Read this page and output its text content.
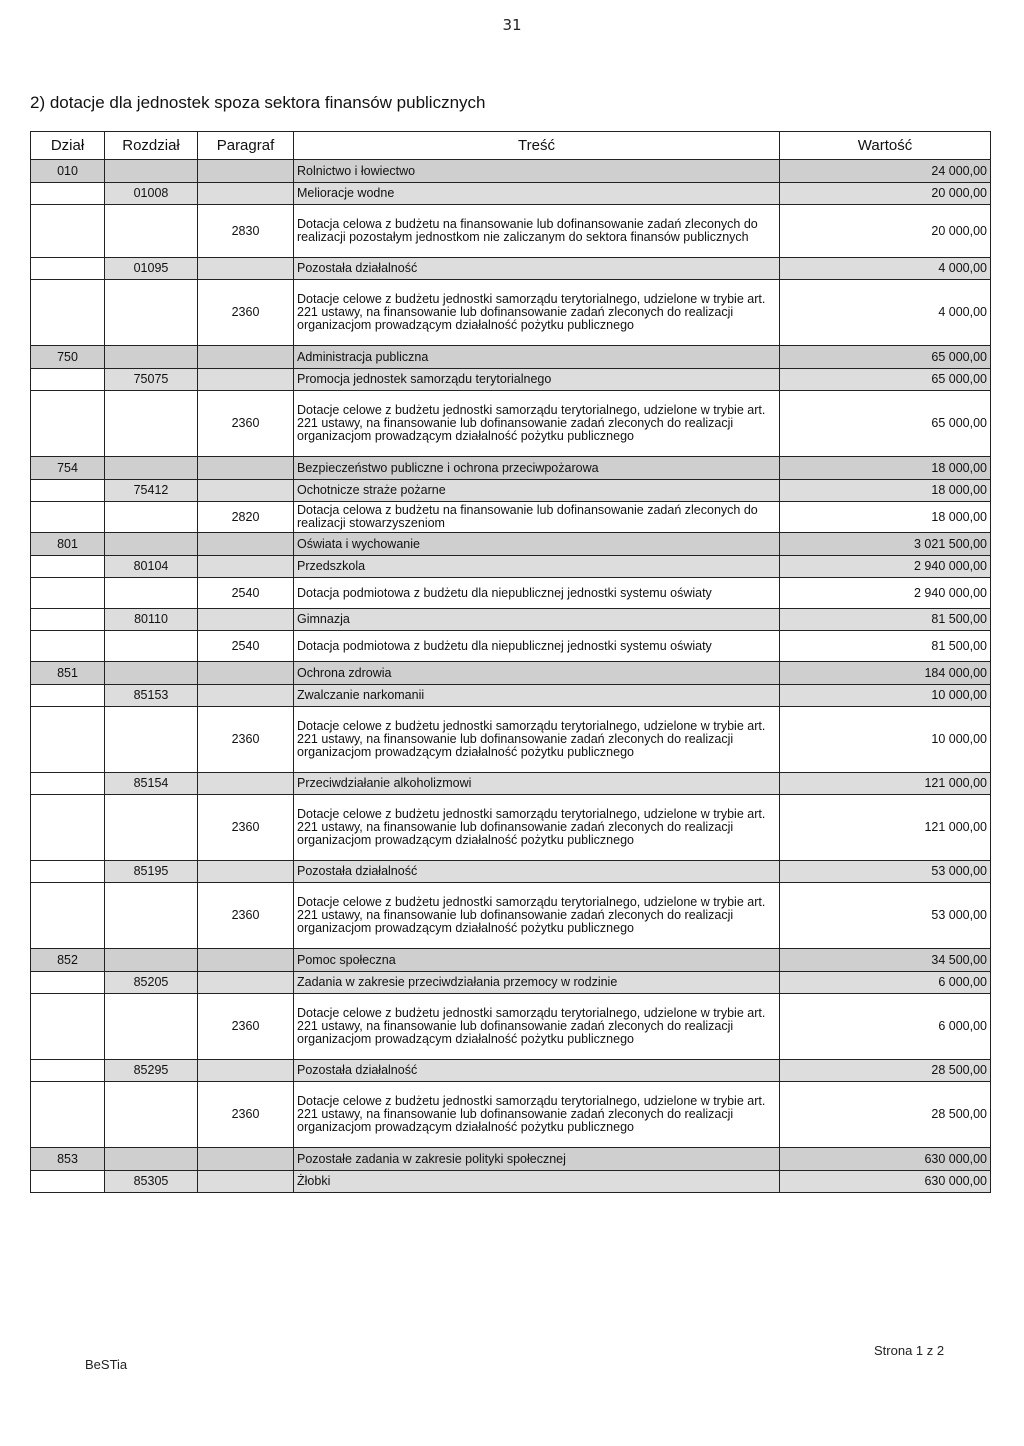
31
2) dotacje dla jednostek spoza sektora finansów publicznych
Dział	Rozdział	Paragraf	Treść	Wartość
010			Rolnictwo i łowiectwo	24 000,00
	01008		Melioracje wodne	20 000,00
		2830	Dotacja celowa z budżetu na finansowanie lub dofinansowanie zadań zleconych do realizacji pozostałym jednostkom nie zaliczanym do sektora finansów publicznych	20 000,00
	01095		Pozostała działalność	4 000,00
		2360	Dotacje celowe z budżetu jednostki samorządu terytorialnego, udzielone w trybie art. 221 ustawy, na finansowanie lub dofinansowanie zadań zleconych do realizacji organizacjom prowadzącym działalność pożytku publicznego	4 000,00
750			Administracja publiczna	65 000,00
	75075		Promocja jednostek samorządu terytorialnego	65 000,00
		2360	Dotacje celowe z budżetu jednostki samorządu terytorialnego, udzielone w trybie art. 221 ustawy, na finansowanie lub dofinansowanie zadań zleconych do realizacji organizacjom prowadzącym działalność pożytku publicznego	65 000,00
754			Bezpieczeństwo publiczne i ochrona przeciwpożarowa	18 000,00
	75412		Ochotnicze straże pożarne	18 000,00
		2820	Dotacja celowa z budżetu na finansowanie lub dofinansowanie zadań zleconych do realizacji stowarzyszeniom	18 000,00
801			Oświata i wychowanie	3 021 500,00
	80104		Przedszkola	2 940 000,00
		2540	Dotacja podmiotowa z budżetu dla niepublicznej jednostki systemu oświaty	2 940 000,00
	80110		Gimnazja	81 500,00
		2540	Dotacja podmiotowa z budżetu dla niepublicznej jednostki systemu oświaty	81 500,00
851			Ochrona zdrowia	184 000,00
	85153		Zwalczanie narkomanii	10 000,00
		2360	Dotacje celowe z budżetu jednostki samorządu terytorialnego, udzielone w trybie art. 221 ustawy, na finansowanie lub dofinansowanie zadań zleconych do realizacji organizacjom prowadzącym działalność pożytku publicznego	10 000,00
	85154		Przeciwdziałanie alkoholizmowi	121 000,00
		2360	Dotacje celowe z budżetu jednostki samorządu terytorialnego, udzielone w trybie art. 221 ustawy, na finansowanie lub dofinansowanie zadań zleconych do realizacji organizacjom prowadzącym działalność pożytku publicznego	121 000,00
	85195		Pozostała działalność	53 000,00
		2360	Dotacje celowe z budżetu jednostki samorządu terytorialnego, udzielone w trybie art. 221 ustawy, na finansowanie lub dofinansowanie zadań zleconych do realizacji organizacjom prowadzącym działalność pożytku publicznego	53 000,00
852			Pomoc społeczna	34 500,00
	85205		Zadania w zakresie przeciwdziałania przemocy w rodzinie	6 000,00
		2360	Dotacje celowe z budżetu jednostki samorządu terytorialnego, udzielone w trybie art. 221 ustawy, na finansowanie lub dofinansowanie zadań zleconych do realizacji organizacjom prowadzącym działalność pożytku publicznego	6 000,00
	85295		Pozostała działalność	28 500,00
		2360	Dotacje celowe z budżetu jednostki samorządu terytorialnego, udzielone w trybie art. 221 ustawy, na finansowanie lub dofinansowanie zadań zleconych do realizacji organizacjom prowadzącym działalność pożytku publicznego	28 500,00
853			Pozostałe zadania w zakresie polityki społecznej	630 000,00
	85305		Żłobki	630 000,00
BeSTia
Strona 1 z 2
